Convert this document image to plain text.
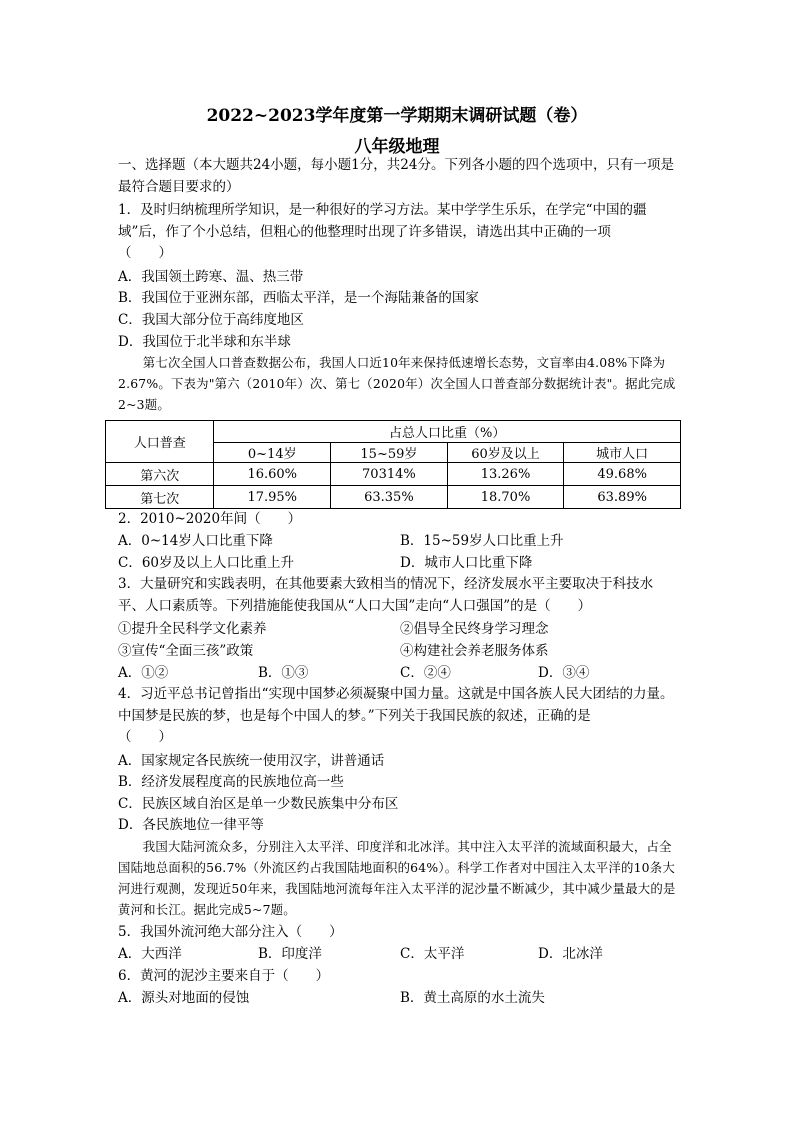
2022~2023学年度第一学期期末调研试题（卷）
八年级地理
一、选择题（本大题共24小题，每小题1分，共24分。下列各小题的四个选项中，只有一项是最符合题目要求的）
1．及时归纳梳理所学知识，是一种很好的学习方法。某中学学生乐乐，在学完“中国的疆域”后，作了个小总结，但粗心的他整理时出现了许多错误，请选出其中正确的一项
（　　）
A．我国领土跨寒、温、热三带
B．我国位于亚洲东部，西临太平洋，是一个海陆兼备的国家
C．我国大部分位于高纬度地区
D．我国位于北半球和东半球
第七次全国人口普查数据公布，我国人口近10年来保持低速增长态势，文盲率由4.08%下降为2.67%。下表为"第六（2010年）次、第七（2020年）次全国人口普查部分数据统计表"。据此完成2~3题。
人口普查	占总人口比重（%）			
	0~14岁	15~59岁	60岁及以上	城市人口
第六次	16.60%	70314%	13.26%	49.68%
第七次	17.95%	63.35%	18.70%	63.89%
2．2010~2020年间（　　）
A．0~14岁人口比重下降	B．15~59岁人口比重上升
C．60岁及以上人口比重上升	D．城市人口比重下降
3．大量研究和实践表明，在其他要素大致相当的情况下，经济发展水平主要取决于科技水平、人口素质等。下列措施能使我国从“人口大国”走向“人口强国”的是（　　）
①提升全民科学文化素养	②倡导全民终身学习理念
③宣传“全面三孩”政策	④构建社会养老服务体系
A．①②	B．①③	C．②④	D．③④
4．习近平总书记曾指出“实现中国梦必须凝聚中国力量。这就是中国各族人民大团结的力量。中国梦是民族的梦，也是每个中国人的梦。”下列关于我国民族的叙述，正确的是
（　　）
A．国家规定各民族统一使用汉字，讲普通话
B．经济发展程度高的民族地位高一些
C．民族区域自治区是单一少数民族集中分布区
D．各民族地位一律平等
我国大陆河流众多，分别注入太平洋、印度洋和北冰洋。其中注入太平洋的流域面积最大，占全国陆地总面积的56.7%（外流区约占我国陆地面积的64%）。科学工作者对中国注入太平洋的10条大河进行观测，发现近50年来，我国陆地河流每年注入太平洋的泥沙量不断减少，其中减少量最大的是黄河和长江。据此完成5~7题。
5．我国外流河绝大部分注入（　　）
A．大西洋	B．印度洋	C．太平洋	D．北冰洋
6．黄河的泥沙主要来自于（　　）
A．源头对地面的侵蚀	B．黄土高原的水土流失
